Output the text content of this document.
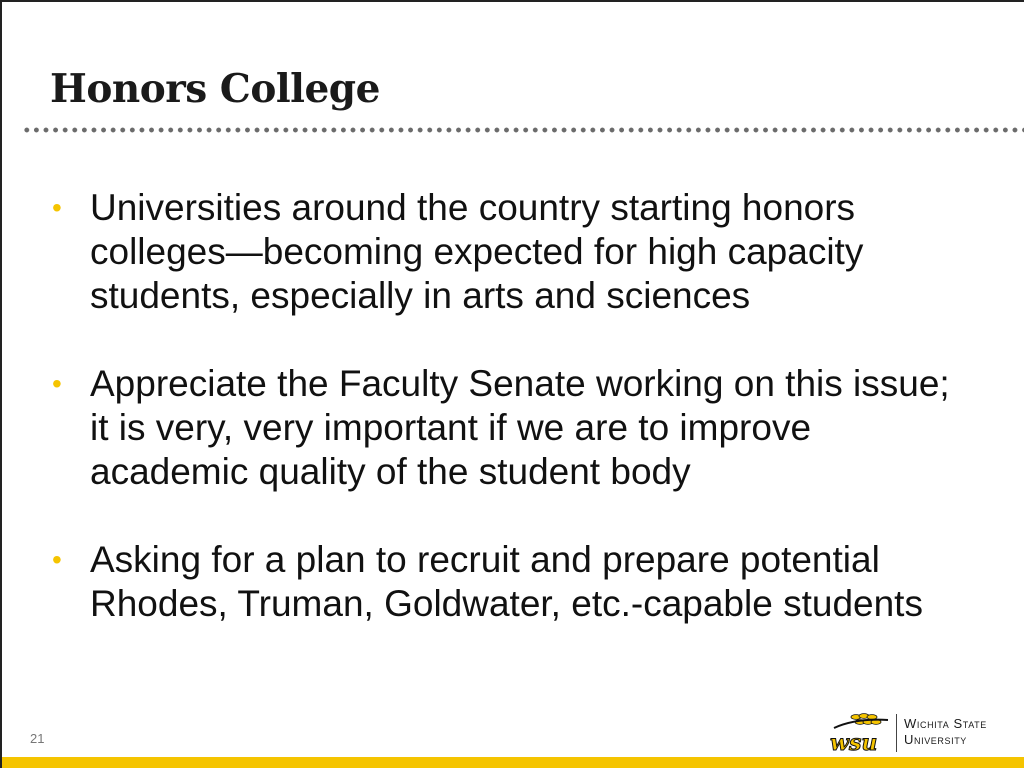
Honors College
• Universities around the country starting honors colleges—becoming expected for high capacity students, especially in arts and sciences
• Appreciate the Faculty Senate working on this issue; it is very, very important if we are to improve academic quality of the student body
• Asking for a plan to recruit and prepare potential Rhodes, Truman, Goldwater, etc.-capable students
21	wsu
Wichita State
University
